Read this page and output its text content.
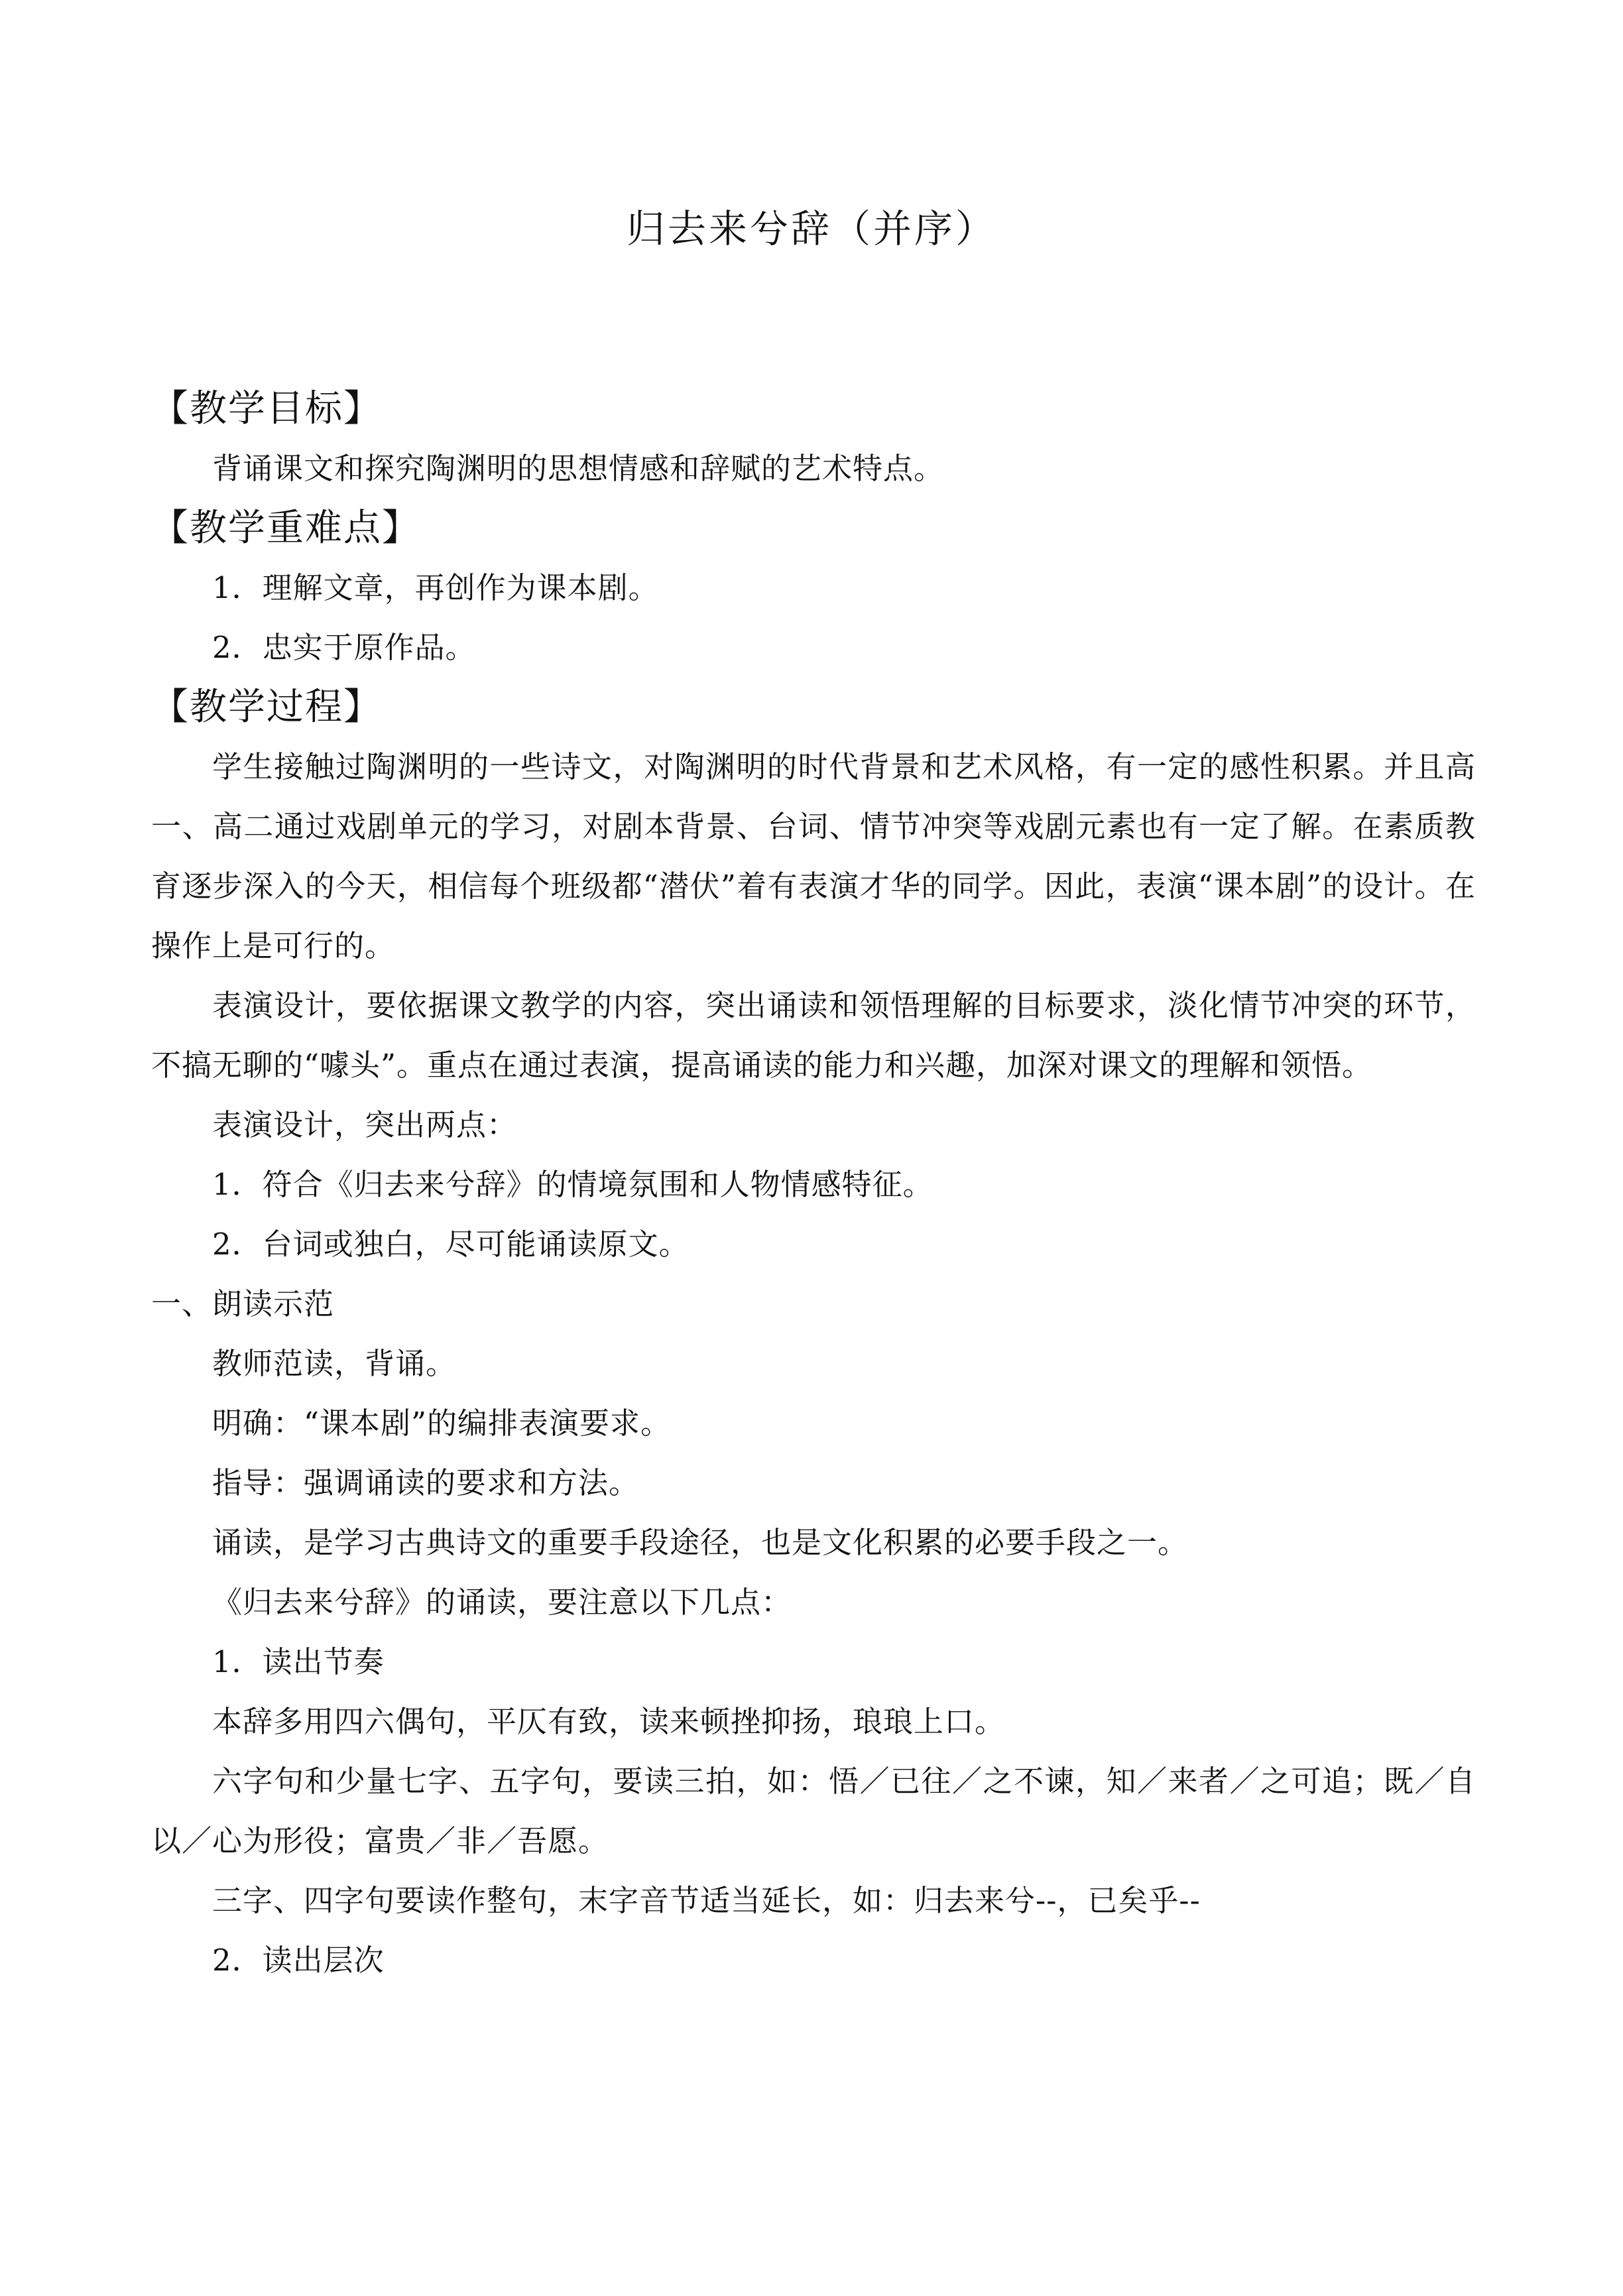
归去来兮辞（并序）
【教学目标】

背诵课文和探究陶渊明的思想情感和辞赋的艺术特点。

【教学重难点】

1．理解文章，再创作为课本剧。

2．忠实于原作品。

【教学过程】

学生接触过陶渊明的一些诗文，对陶渊明的时代背景和艺术风格，有一定的感性积累。并且高一、高二通过戏剧单元的学习，对剧本背景、台词、情节冲突等戏剧元素也有一定了解。在素质教育逐步深入的今天，相信每个班级都“潜伏”着有表演才华的同学。因此，表演“课本剧”的设计。在操作上是可行的。

表演设计，要依据课文教学的内容，突出诵读和领悟理解的目标要求，淡化情节冲突的环节，不搞无聊的“噱头”。重点在通过表演，提高诵读的能力和兴趣，加深对课文的理解和领悟。

表演设计，突出两点：

1．符合《归去来兮辞》的情境氛围和人物情感特征。

2．台词或独白，尽可能诵读原文。

一、朗读示范

教师范读，背诵。

明确：“课本剧”的编排表演要求。

指导：强调诵读的要求和方法。

诵读，是学习古典诗文的重要手段途径，也是文化积累的必要手段之一。

《归去来兮辞》的诵读，要注意以下几点：

1．读出节奏

本辞多用四六偶句，平仄有致，读来顿挫抑扬，琅琅上口。

六字句和少量七字、五字句，要读三拍，如：悟／已往／之不谏，知／来者／之可追；既／自以／心为形役；富贵／非／吾愿。

三字、四字句要读作整句，末字音节适当延长，如：归去来兮--，已矣乎--

2．读出层次
